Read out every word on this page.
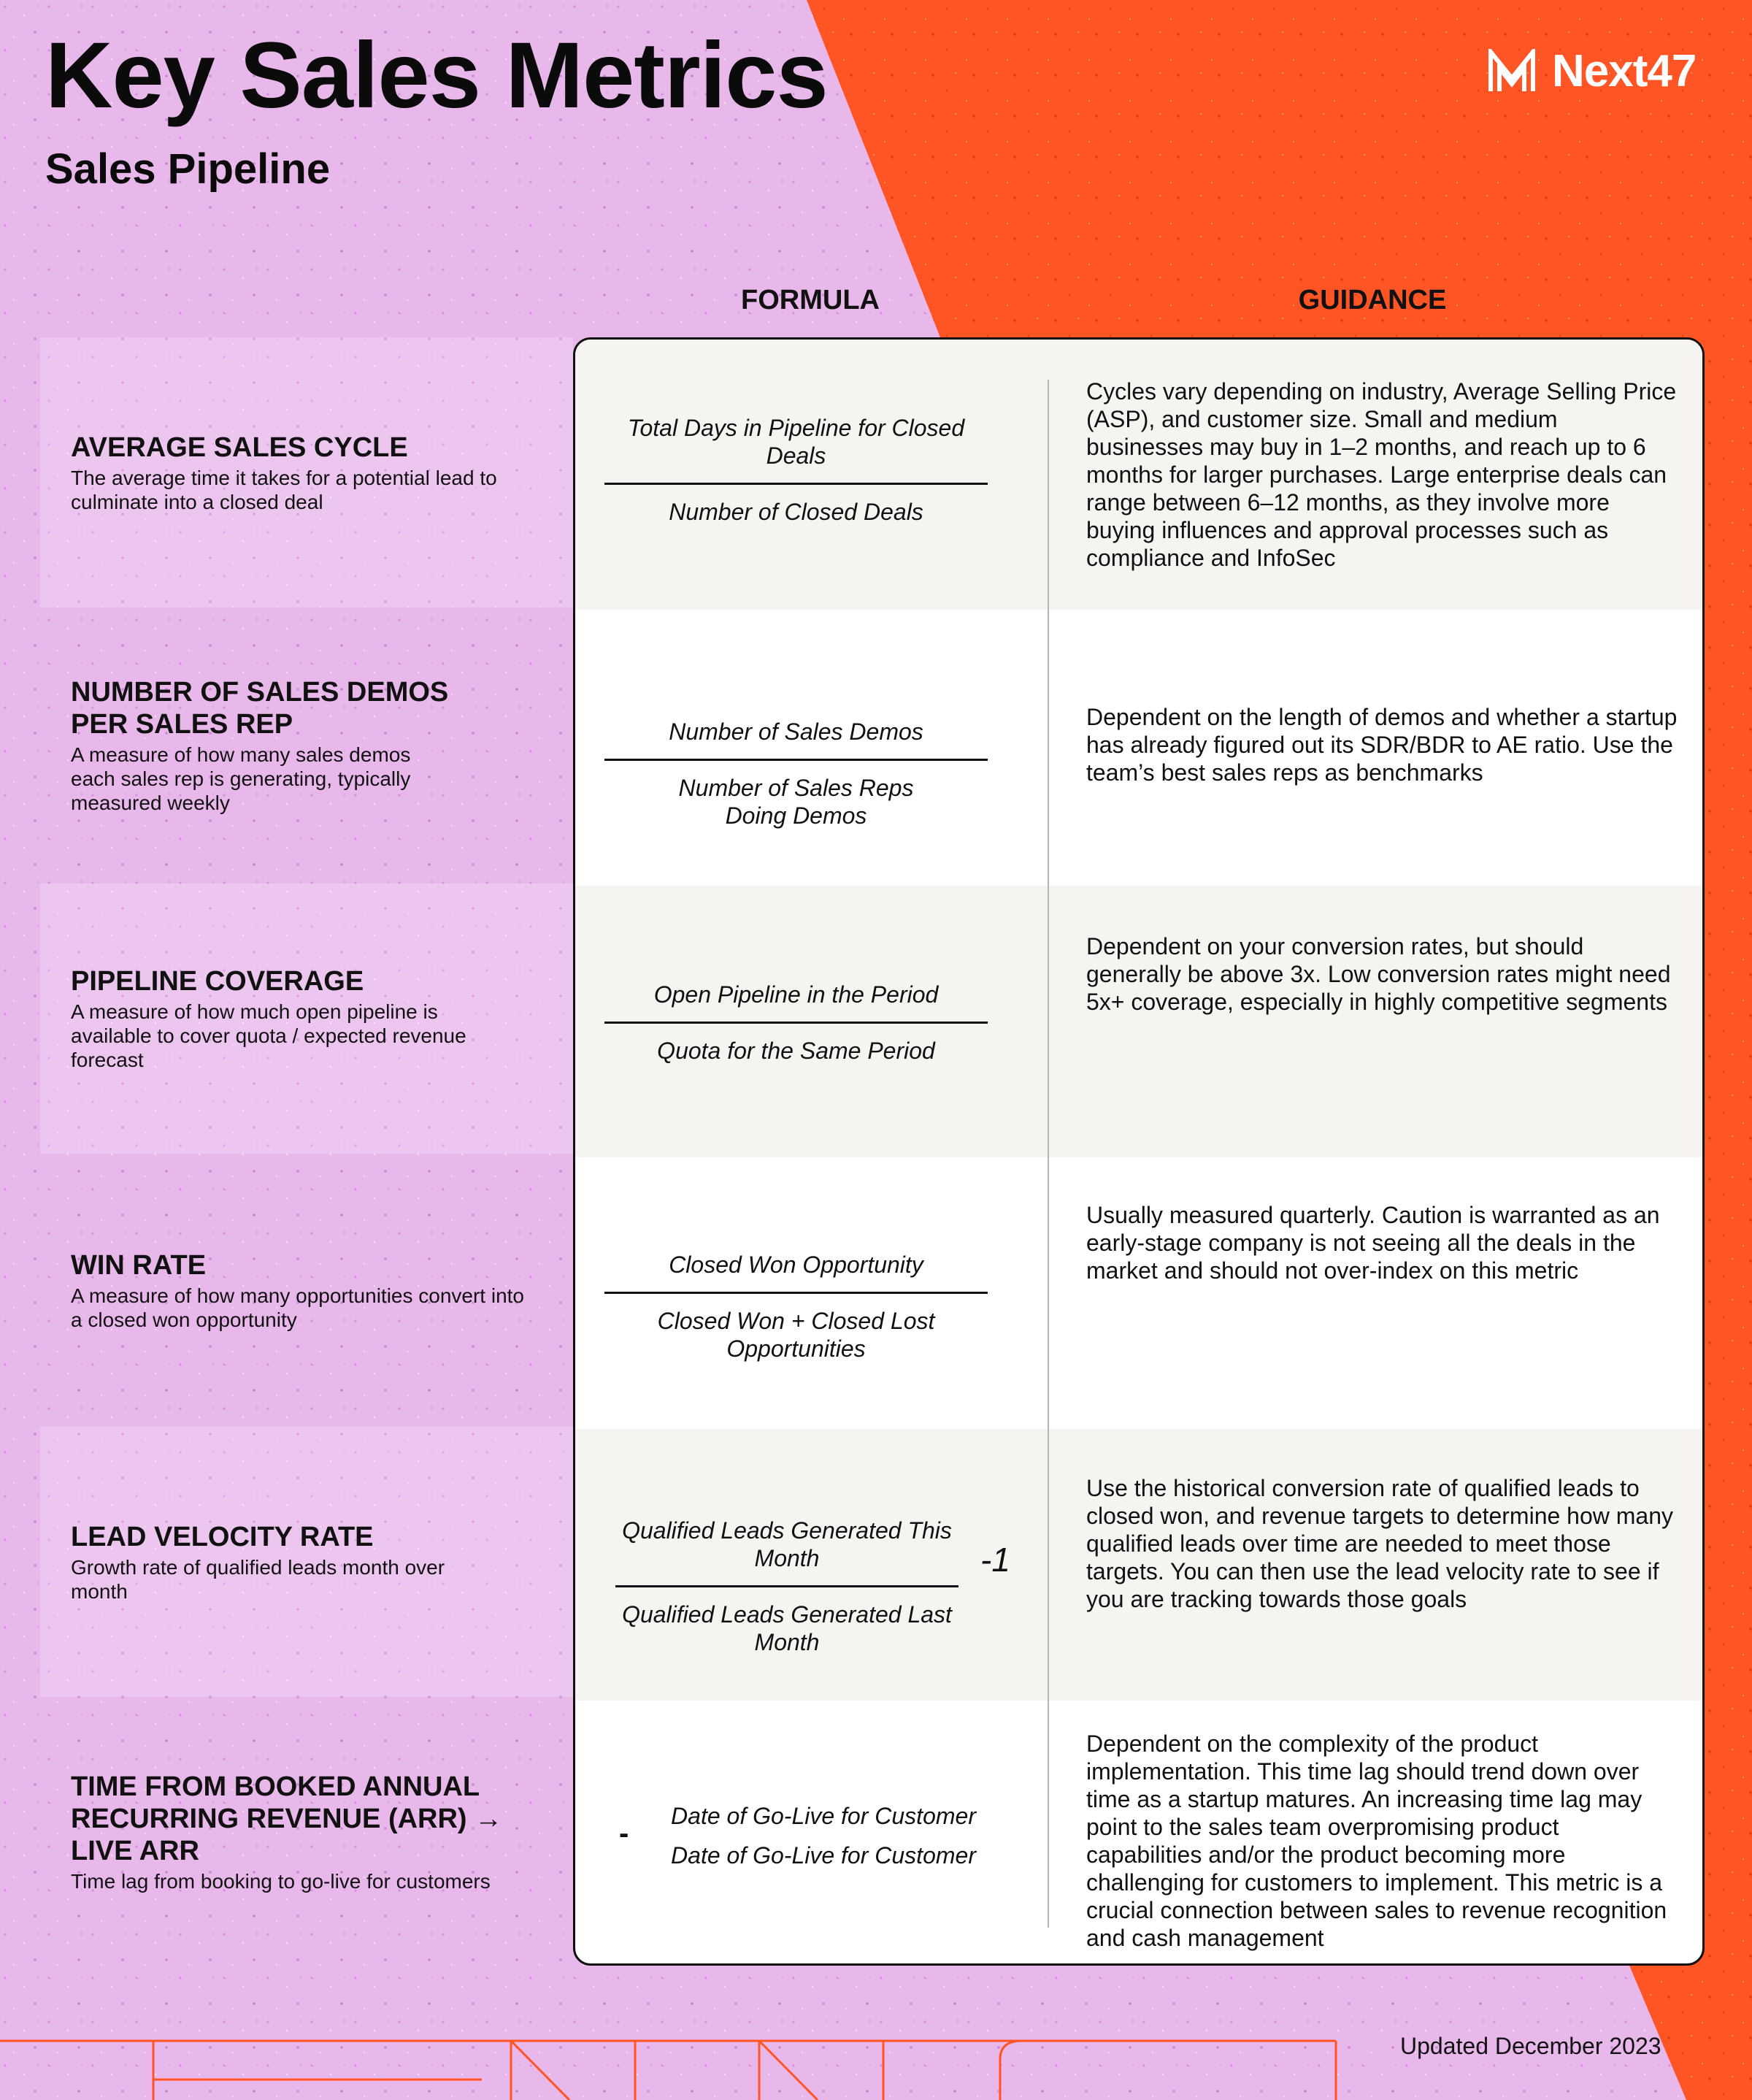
Key Sales Metrics
Sales Pipeline
Next47
FORMULA	GUIDANCE
AVERAGE SALES CYCLE
The average time it takes for a potential lead to culminate into a closed deal
NUMBER OF SALES DEMOS PER SALES REP
A measure of how many sales demos each sales rep is generating, typically measured weekly
PIPELINE COVERAGE
A measure of how much open pipeline is available to cover quota / expected revenue forecast
WIN RATE
A measure of how many opportunities convert into a closed won opportunity
LEAD VELOCITY RATE
Growth rate of qualified leads month over month
TIME FROM BOOKED ANNUAL RECURRING REVENUE (ARR) → LIVE ARR
Time lag from booking to go-live for customers
Total Days in Pipeline for Closed Deals
Number of Closed Deals
Cycles vary depending on industry, Average Selling Price (ASP), and customer size. Small and medium businesses may buy in 1–2 months, and reach up to 6 months for larger purchases. Large enterprise deals can range between 6–12 months, as they involve more buying influences and approval processes such as compliance and InfoSec
Number of Sales Demos
Number of Sales Reps Doing Demos
Dependent on the length of demos and whether a startup has already figured out its SDR/BDR to AE ratio. Use the team’s best sales reps as benchmarks
Open Pipeline in the Period
Quota for the Same Period
Dependent on your conversion rates, but should generally be above 3x. Low conversion rates might need 5x+ coverage, especially in highly competitive segments
Closed Won Opportunity
Closed Won + Closed Lost Opportunities
Usually measured quarterly. Caution is warranted as an early-stage company is not seeing all the deals in the market and should not over-index on this metric
Qualified Leads Generated This Month
Qualified Leads Generated Last Month
-1
Use the historical conversion rate of qualified leads to closed won, and revenue targets to determine how many qualified leads over time are needed to meet those targets. You can then use the lead velocity rate to see if you are tracking towards those goals
-
Date of Go-Live for Customer
Date of Go-Live for Customer
Dependent on the complexity of the product implementation. This time lag should trend down over time as a startup matures. An increasing time lag may point to the sales team overpromising product capabilities and/or the product becoming more challenging for customers to implement. This metric is a crucial connection between sales to revenue recognition and cash management
Updated December 2023
